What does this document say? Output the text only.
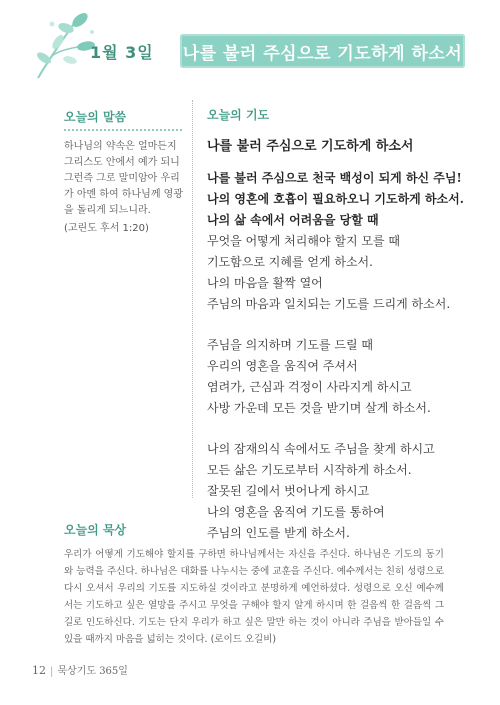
1월 3일 나를 불러 주심으로 기도하게 하소서
오늘의 말씀
하나님의 약속은 얼마든지 그리스도 안에서 예가 되니 그런즉 그로 말미암아 우리가 아멘 하여 하나님께 영광을 돌리게 되느니라.
(고린도 후서 1:20)
오늘의 기도
나를 불러 주심으로 기도하게 하소서
나를 불러 주심으로 천국 백성이 되게 하신 주님!
나의 영혼에 호흡이 필요하오니 기도하게 하소서.
나의 삶 속에서 어려움을 당할 때
무엇을 어떻게 처리해야 할지 모를 때
기도함으로 지혜를 얻게 하소서.
나의 마음을 활짝 열어
주님의 마음과 일치되는 기도를 드리게 하소서.
주님을 의지하며 기도를 드릴 때
우리의 영혼을 움직여 주셔서
염려가, 근심과 걱정이 사라지게 하시고
사방 가운데 모든 것을 받기며 살게 하소서.
나의 잠재의식 속에서도 주님을 찾게 하시고
모든 삶은 기도로부터 시작하게 하소서.
잘못된 길에서 벗어나게 하시고
나의 영혼을 움직여 기도를 통하여
주님의 인도를 받게 하소서.
오늘의 묵상
우리가 어떻게 기도해야 할지를 구하면 하나님께서는 자신을 주신다. 하나님은 기도의 동기와 능력을 주신다. 하나님은 대화를 나누시는 중에 교훈을 주신다. 예수께서는 친히 성령으로 다시 오셔서 우리의 기도를 지도하실 것이라고 분명하게 예언하셨다. 성령으로 오신 예수께서는 기도하고 싶은 열망을 주시고 무엇을 구해야 할지 알게 하시며 한 걸음씩 한 걸음씩 그 길로 인도하신다. 기도는 단지 우리가 하고 싶은 말만 하는 것이 아니라 주님을 받아들일 수 있을 때까지 마음을 넓히는 것이다. (로이드 오길비)
12 | 묵상기도 365일
